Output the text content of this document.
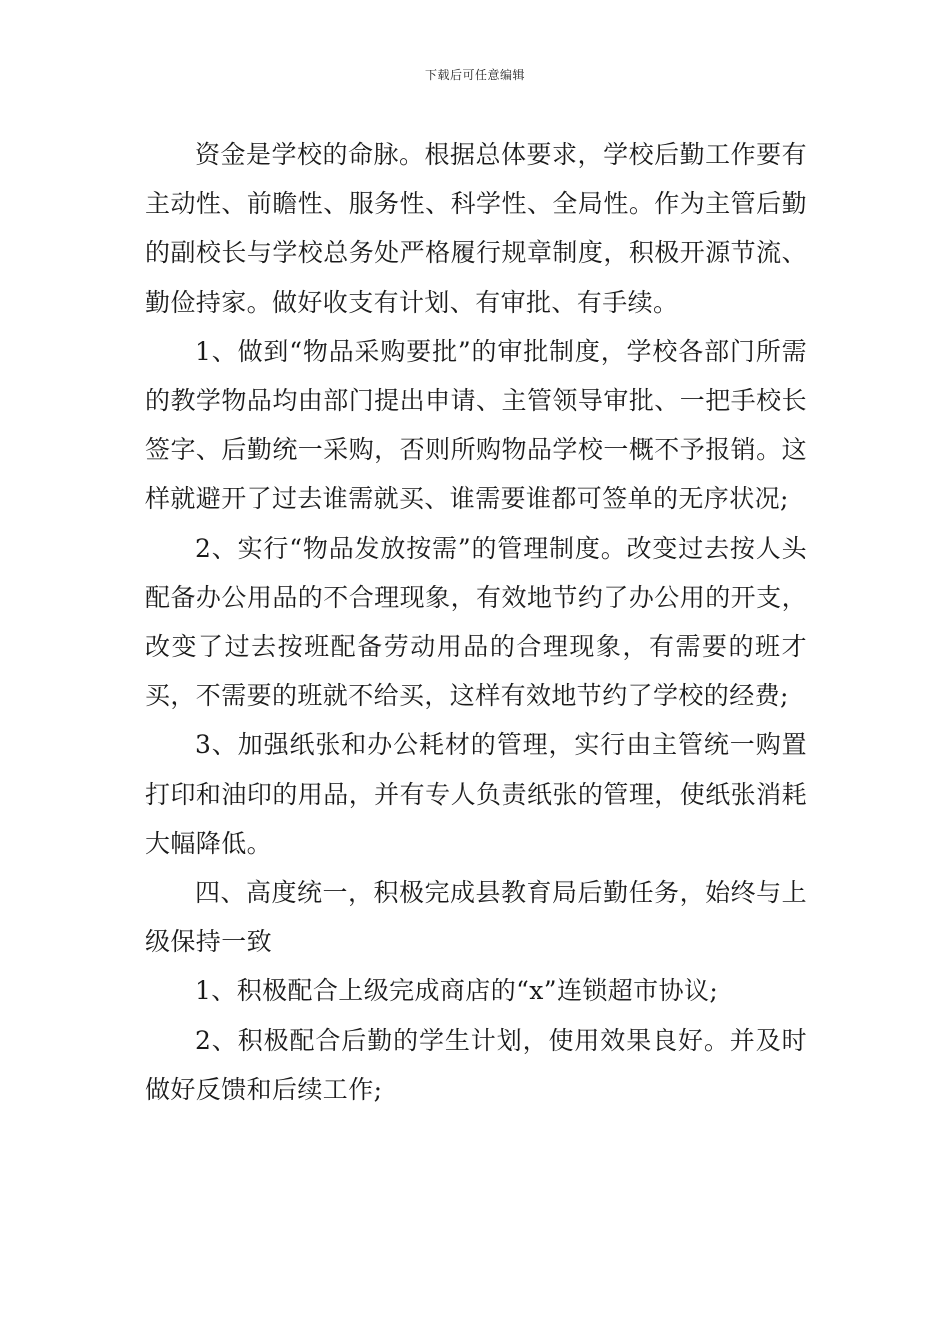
下载后可任意编辑

资金是学校的命脉。根据总体要求，学校后勤工作要有主动性、前瞻性、服务性、科学性、全局性。作为主管后勤的副校长与学校总务处严格履行规章制度，积极开源节流、勤俭持家。做好收支有计划、有审批、有手续。

1、做到“物品采购要批”的审批制度，学校各部门所需的教学物品均由部门提出申请、主管领导审批、一把手校长签字、后勤统一采购，否则所购物品学校一概不予报销。这样就避开了过去谁需就买、谁需要谁都可签单的无序状况;

2、实行“物品发放按需”的管理制度。改变过去按人头配备办公用品的不合理现象，有效地节约了办公用的开支，改变了过去按班配备劳动用品的合理现象，有需要的班才买，不需要的班就不给买，这样有效地节约了学校的经费;

3、加强纸张和办公耗材的管理，实行由主管统一购置打印和油印的用品，并有专人负责纸张的管理，使纸张消耗大幅降低。

四、高度统一，积极完成县教育局后勤任务，始终与上级保持一致

1、积极配合上级完成商店的“x”连锁超市协议;

2、积极配合后勤的学生计划，使用效果良好。并及时做好反馈和后续工作;
